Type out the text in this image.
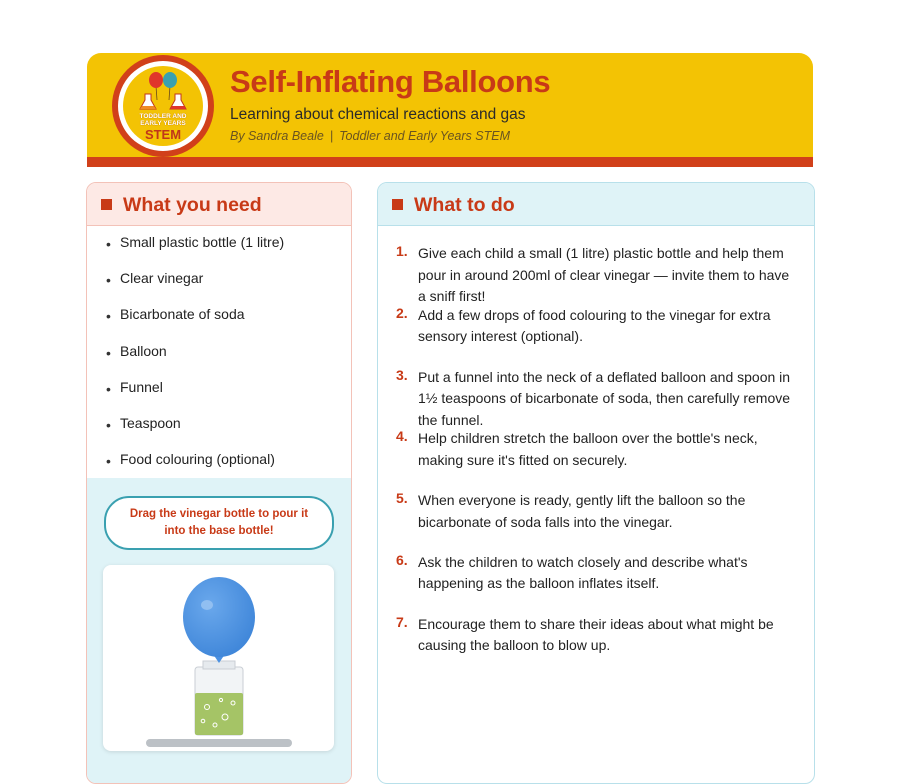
TODDLER AND
EARLY YEARS
STEM
Self-Inflating Balloons
Learning about chemical reactions and gas
By Sandra Beale | Toddler and Early Years STEM
What you need
• Small plastic bottle (1 litre)
• Clear vinegar
• Bicarbonate of soda
• Balloon
• Funnel
• Teaspoon
• Food colouring (optional)
Drag the vinegar bottle to pour it
into the base bottle!
What to do
1. Give each child a small (1 litre) plastic bottle and help them pour in around 200ml of clear vinegar — invite them to have a sniff first!
2. Add a few drops of food colouring to the vinegar for extra sensory interest (optional).
3. Put a funnel into the neck of a deflated balloon and spoon in 1½ teaspoons of bicarbonate of soda, then carefully remove the funnel.
4. Help children stretch the balloon over the bottle's neck, making sure it's fitted on securely.
5. When everyone is ready, gently lift the balloon so the bicarbonate of soda falls into the vinegar.
6. Ask the children to watch closely and describe what's happening as the balloon inflates itself.
7. Encourage them to share their ideas about what might be causing the balloon to blow up.
